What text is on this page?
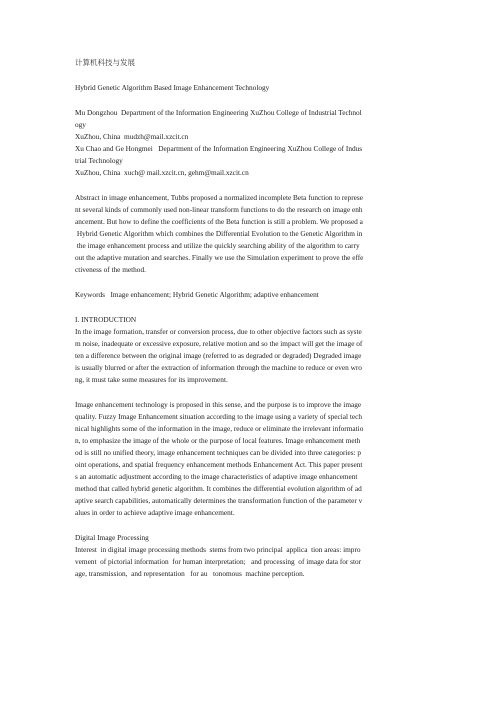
计算机科技与发展
Hybrid Genetic Algorithm Based Image Enhancement Technology
Mu Dongzhou  Department of the Information Engineering XuZhou College of Industrial Technol
ogy
XuZhou, China  mudzh@mail.xzcit.cn
Xu Chao and Ge Hongmei   Department of the Information Engineering XuZhou College of Indus
trial Technology
XuZhou, China  xuch@ mail.xzcit.cn, gehm@mail.xzcit.cn
Abstract in image enhancement, Tubbs proposed a normalized incomplete Beta function to represe
nt several kinds of commonly used non-linear transform functions to do the research on image enh
ancement. But how to define the coefficients of the Beta function is still a problem. We proposed a
Hybrid Genetic Algorithm which combines the Differential Evolution to the Genetic Algorithm in
the image enhancement process and utilize the quickly searching ability of the algorithm to carry
out the adaptive mutation and searches. Finally we use the Simulation experiment to prove the effe
ctiveness of the method.
Keywords   Image enhancement; Hybrid Genetic Algorithm; adaptive enhancement
I. INTRODUCTION
In the image formation, transfer or conversion process, due to other objective factors such as syste
m noise, inadequate or excessive exposure, relative motion and so the impact will get the image of
ten a difference between the original image (referred to as degraded or degraded) Degraded image
is usually blurred or after the extraction of information through the machine to reduce or even wro
ng, it must take some measures for its improvement.
Image enhancement technology is proposed in this sense, and the purpose is to improve the image
quality. Fuzzy Image Enhancement situation according to the image using a variety of special tech
nical highlights some of the information in the image, reduce or eliminate the irrelevant informatio
n, to emphasize the image of the whole or the purpose of local features. Image enhancement meth
od is still no unified theory, image enhancement techniques can be divided into three categories: p
oint operations, and spatial frequency enhancement methods Enhancement Act. This paper present
s an automatic adjustment according to the image characteristics of adaptive image enhancement
method that called hybrid genetic algorithm. It combines the differential evolution algorithm of ad
aptive search capabilities, automatically determines the transformation function of the parameter v
alues in order to achieve adaptive image enhancement.
Digital Image Processing
Interest  in digital image processing methods  stems from two principal  applica  tion areas: impro
vement  of pictorial information  for human interpretation;   and processing  of image data for stor
age, transmission,  and representation   for au   tonomous  machine perception.
